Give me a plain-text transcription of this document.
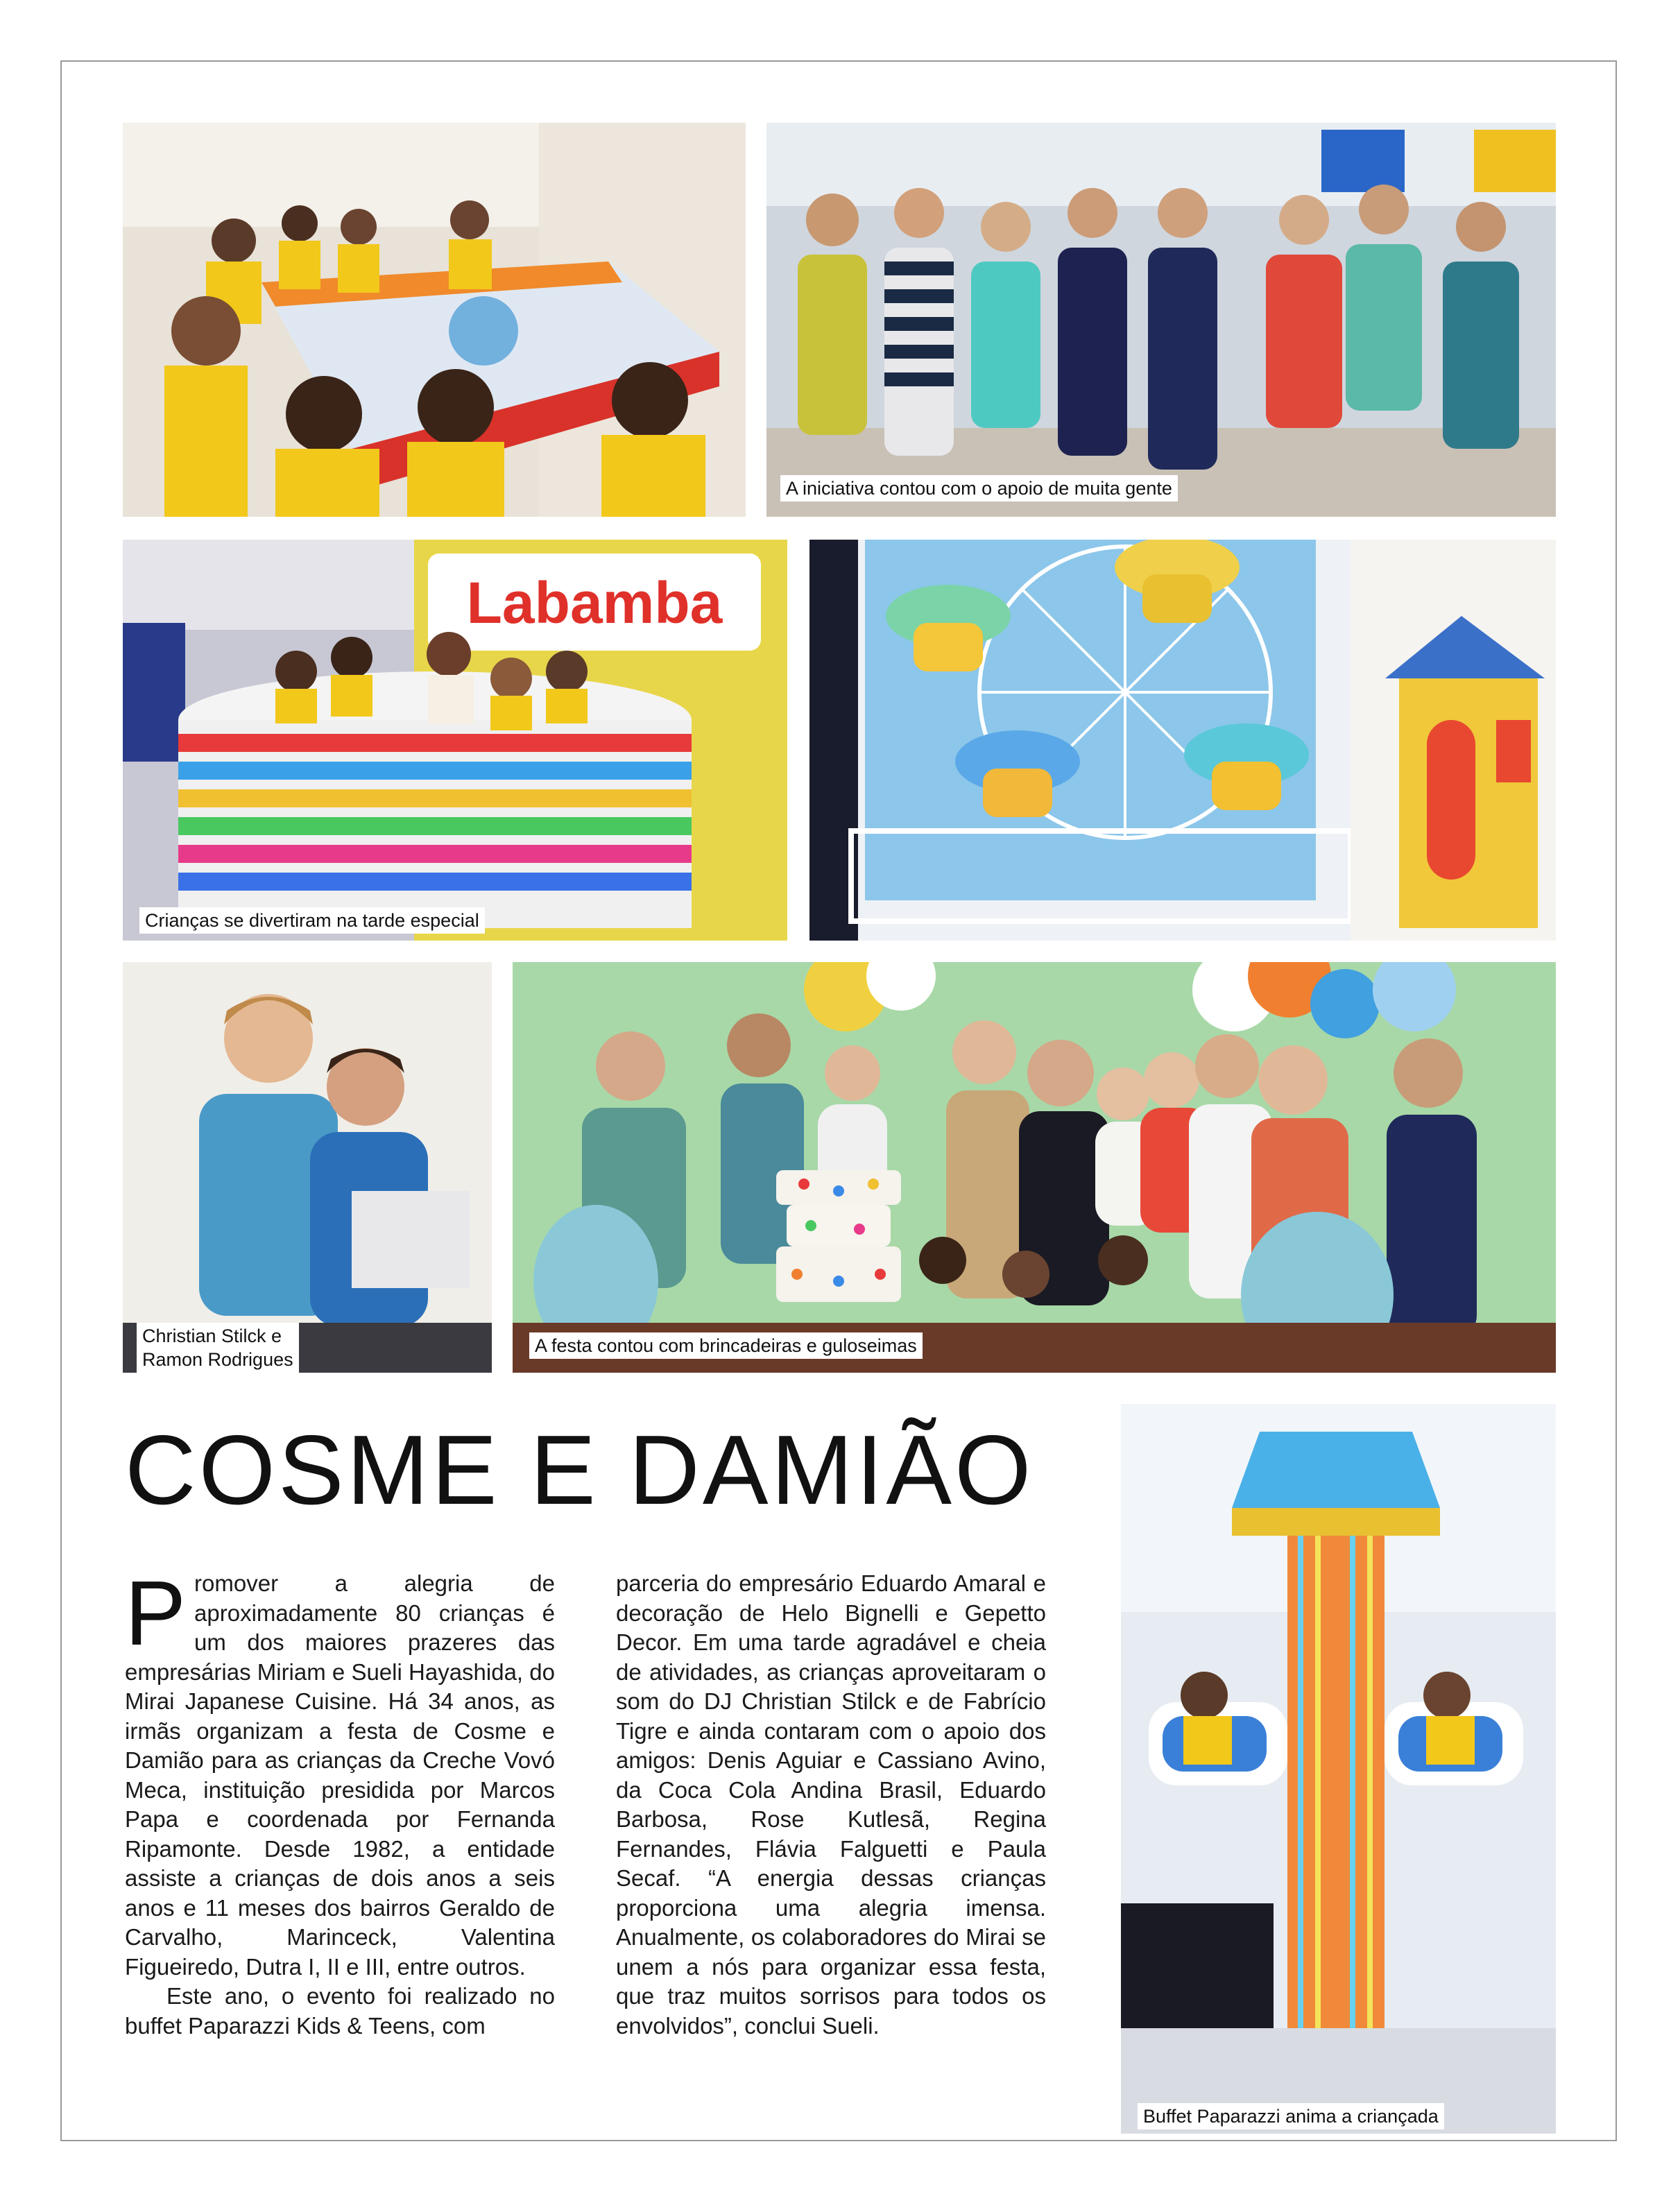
A iniciativa contou com o apoio de muita gente
Labamba
Crianças se divertiram na tarde especial
Christian Stilck e
Ramon Rodrigues
A festa contou com brincadeiras e guloseimas
Buffet Paparazzi anima a criançada
COSME E DAMIÃO

Promover a alegria de aproximadamente 80 crianças é um dos maiores prazeres das empresárias Miriam e Sueli Hayashida, do Mirai Japanese Cuisine. Há 34 anos, as irmãs organizam a festa de Cosme e Damião para as crianças da Creche Vovó Meca, instituição presidida por Marcos Papa e coordenada por Fernanda Ripamonte. Desde 1982, a entidade assiste a crianças de dois anos a seis anos e 11 meses dos bairros Geraldo de Carvalho, Marinceck, Valentina Figueiredo, Dutra I, II e III, entre outros.

Este ano, o evento foi realizado no buffet Paparazzi Kids & Teens, com

parceria do empresário Eduardo Amaral e decoração de Helo Bignelli e Gepetto Decor. Em uma tarde agradável e cheia de atividades, as crianças aproveitaram o som do DJ Christian Stilck e de Fabrício Tigre e ainda contaram com o apoio dos amigos: Denis Aguiar e Cassiano Avino, da Coca Cola Andina Brasil, Eduardo Barbosa, Rose Kutlesã, Regina Fernandes, Flávia Falguetti e Paula Secaf. “A energia dessas crianças proporciona uma alegria imensa. Anualmente, os colaboradores do Mirai se unem a nós para organizar essa festa, que traz muitos sorrisos para todos os envolvidos”, conclui Sueli.
